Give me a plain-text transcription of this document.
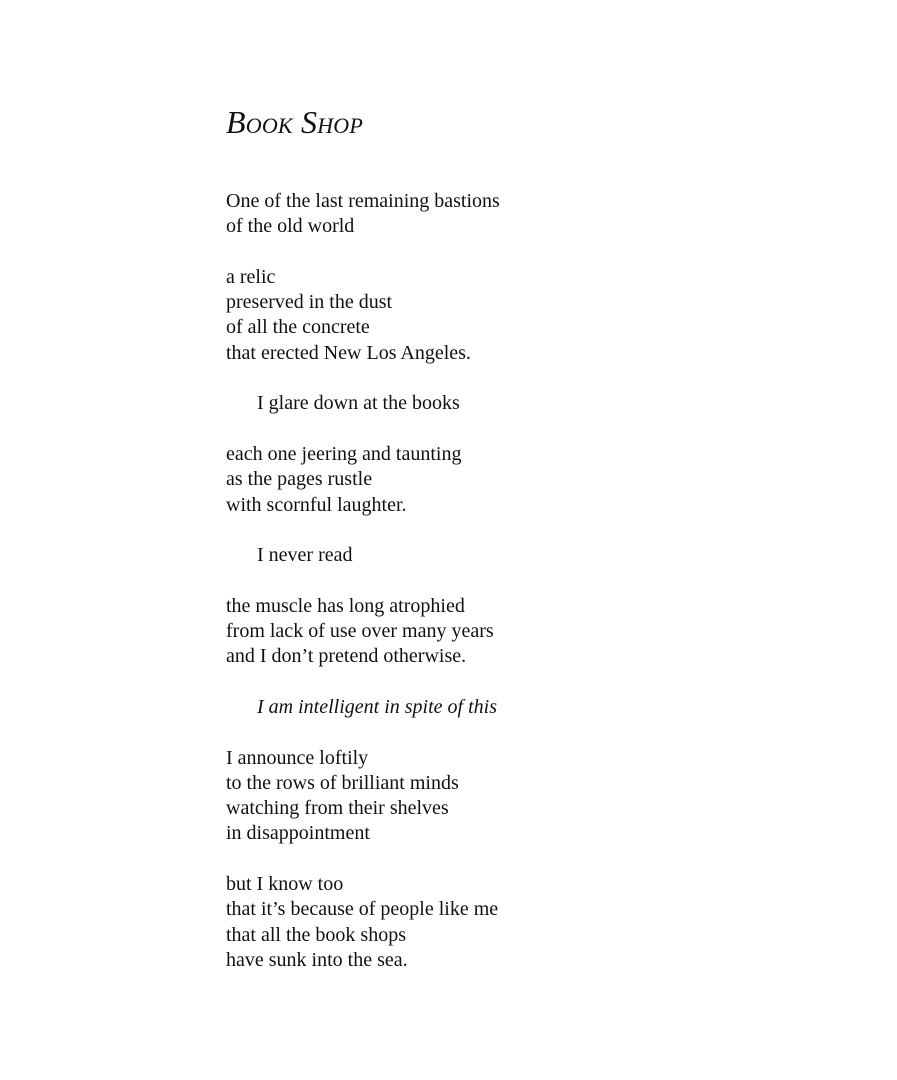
Book Shop
One of the last remaining bastions
of the old world
a relic
preserved in the dust
of all the concrete
that erected New Los Angeles.
I glare down at the books
each one jeering and taunting
as the pages rustle
with scornful laughter.
I never read
the muscle has long atrophied
from lack of use over many years
and I don’t pretend otherwise.
I am intelligent in spite of this
I announce loftily
to the rows of brilliant minds
watching from their shelves
in disappointment
but I know too
that it’s because of people like me
that all the book shops
have sunk into the sea.
